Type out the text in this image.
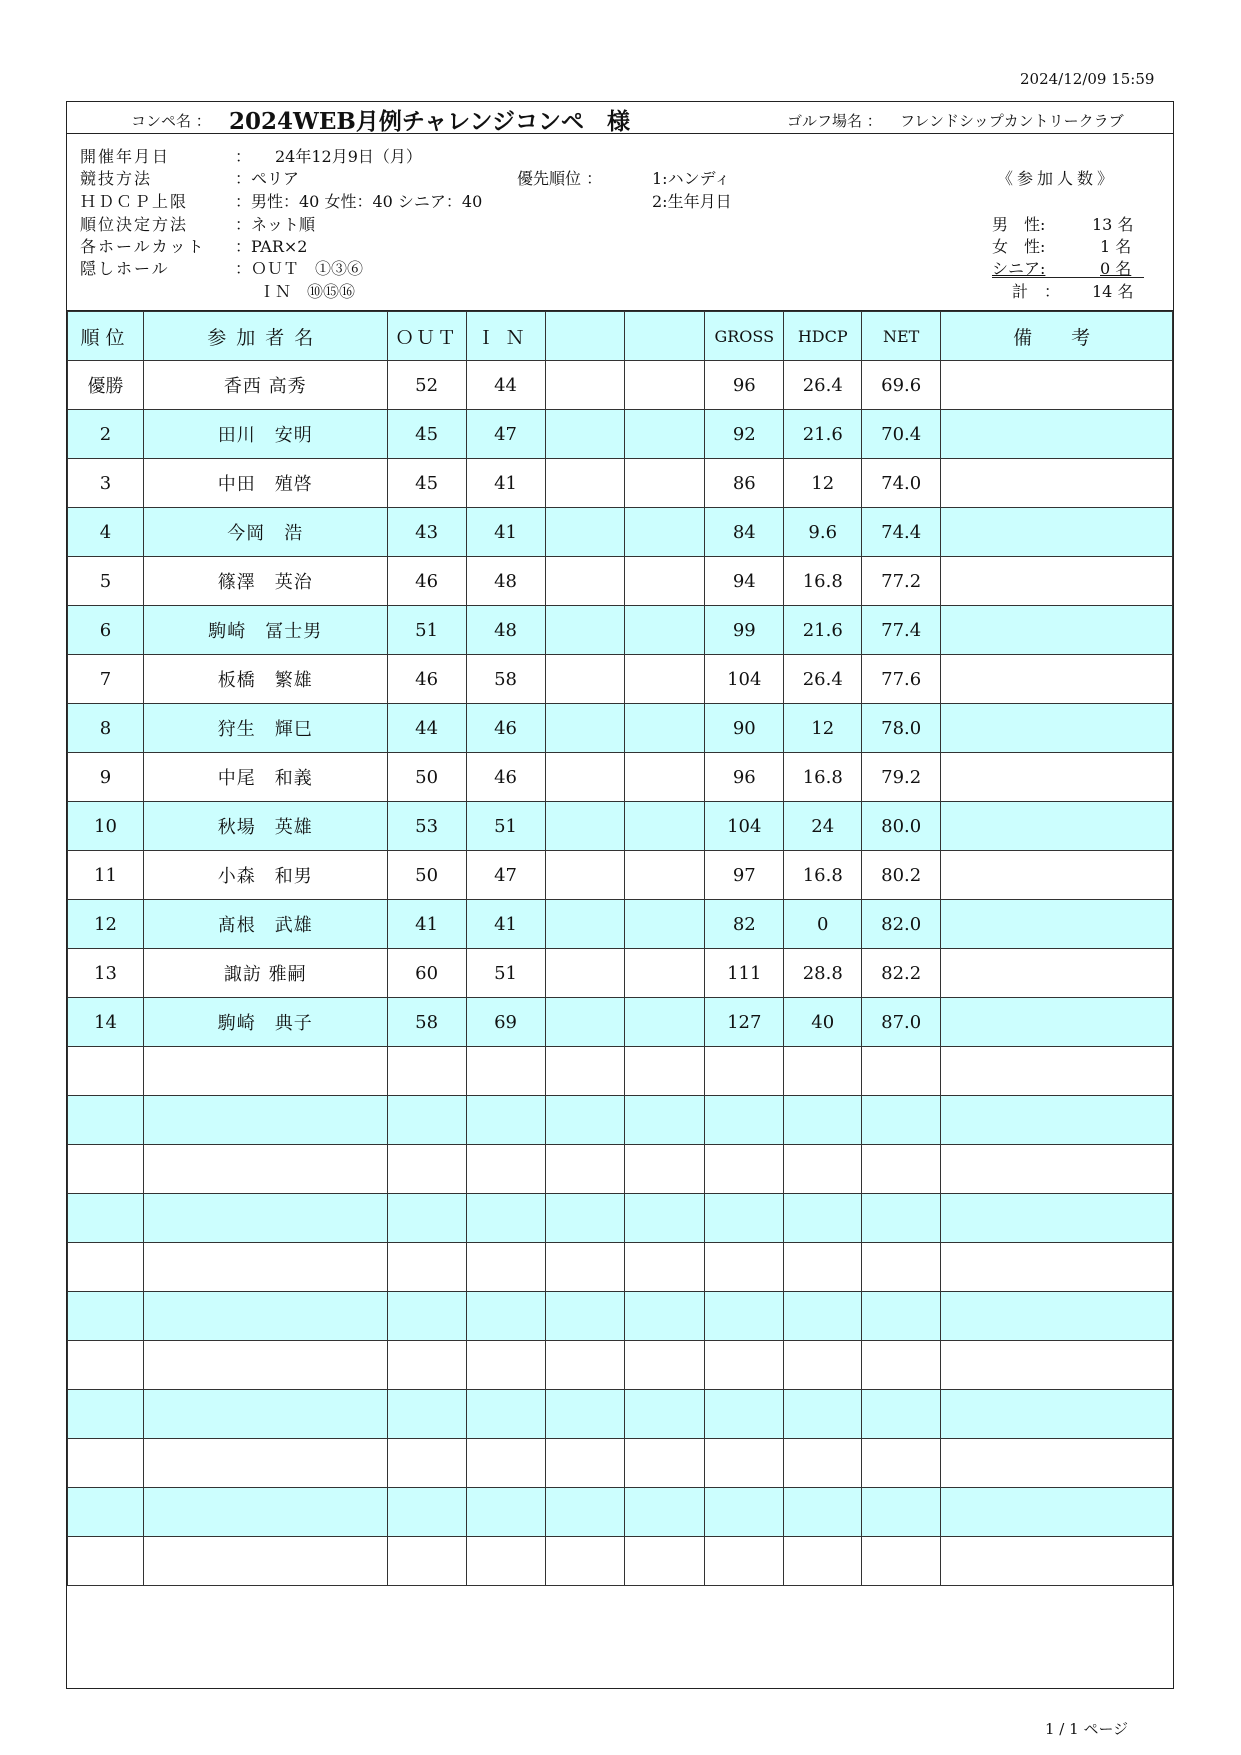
2024/12/09 15:59
コンペ名 ： 2024WEB月例チャレンジコンペ　様	ゴルフ場名 ： フレンドシップカントリークラブ
開催年月日	：　　24年12月9日（月）
競技方法	：ペリア	優先順位 ：	1:ハンディ
ＨＤＣＰ上限	：男性：40 女性：40 シニア：40	2:生年月日
順位決定方法	：ネット順
各ホールカット ：PAR×2
隠しホール	：ＯＵＴ　①③⑥
ＩＮ　⑩⑮⑯
《参加人数》
男　性:	13 名
女　性:	1 名
シニア:	0 名
計　： 14 名
順位	参加者名	ＯＵＴ	ＩＮ			GROSS	HDCP	NET	備　考
優勝	香西 高秀	52	44			96	26.4	69.6	
2	田川　安明	45	47			92	21.6	70.4	
3	中田　殖啓	45	41			86	12	74.0	
4	今岡　浩	43	41			84	9.6	74.4	
5	篠澤　英治	46	48			94	16.8	77.2	
6	駒崎　冨士男	51	48			99	21.6	77.4	
7	板橋　繁雄	46	58			104	26.4	77.6	
8	狩生　輝巳	44	46			90	12	78.0	
9	中尾　和義	50	46			96	16.8	79.2	
10	秋場　英雄	53	51			104	24	80.0	
11	小森　和男	50	47			97	16.8	80.2	
12	髙根　武雄	41	41			82	0	82.0	
13	諏訪 雅嗣	60	51			111	28.8	82.2	
14	駒崎　典子	58	69			127	40	87.0	

1 / 1 ページ
